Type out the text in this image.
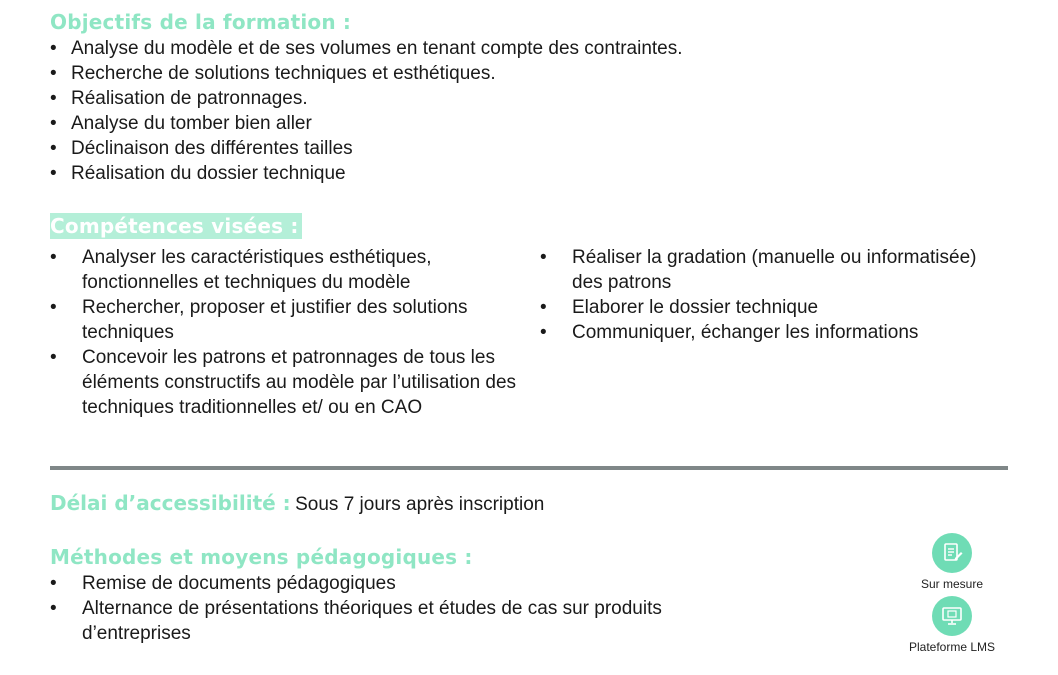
Objectifs de la formation :
• Analyse du modèle et de ses volumes en tenant compte des contraintes.
• Recherche de solutions techniques et esthétiques.
• Réalisation de patronnages.
• Analyse du tomber bien aller
• Déclinaison des différentes tailles
• Réalisation du dossier technique
Compétences visées :
• Analyser les caractéristiques esthétiques, fonctionnelles et techniques du modèle
• Rechercher, proposer et justifier des solutions techniques
• Concevoir les patrons et patronnages de tous les éléments constructifs au modèle par l’utilisation des techniques traditionnelles et/ ou en CAO
• Réaliser la gradation (manuelle ou informatisée) des patrons
• Elaborer le dossier technique
• Communiquer, échanger les informations
Délai d’accessibilité : Sous 7 jours après inscription
Méthodes et moyens pédagogiques :
• Remise de documents pédagogiques
• Alternance de présentations théoriques et études de cas sur produits d’entreprises
Sur mesure
Plateforme LMS
